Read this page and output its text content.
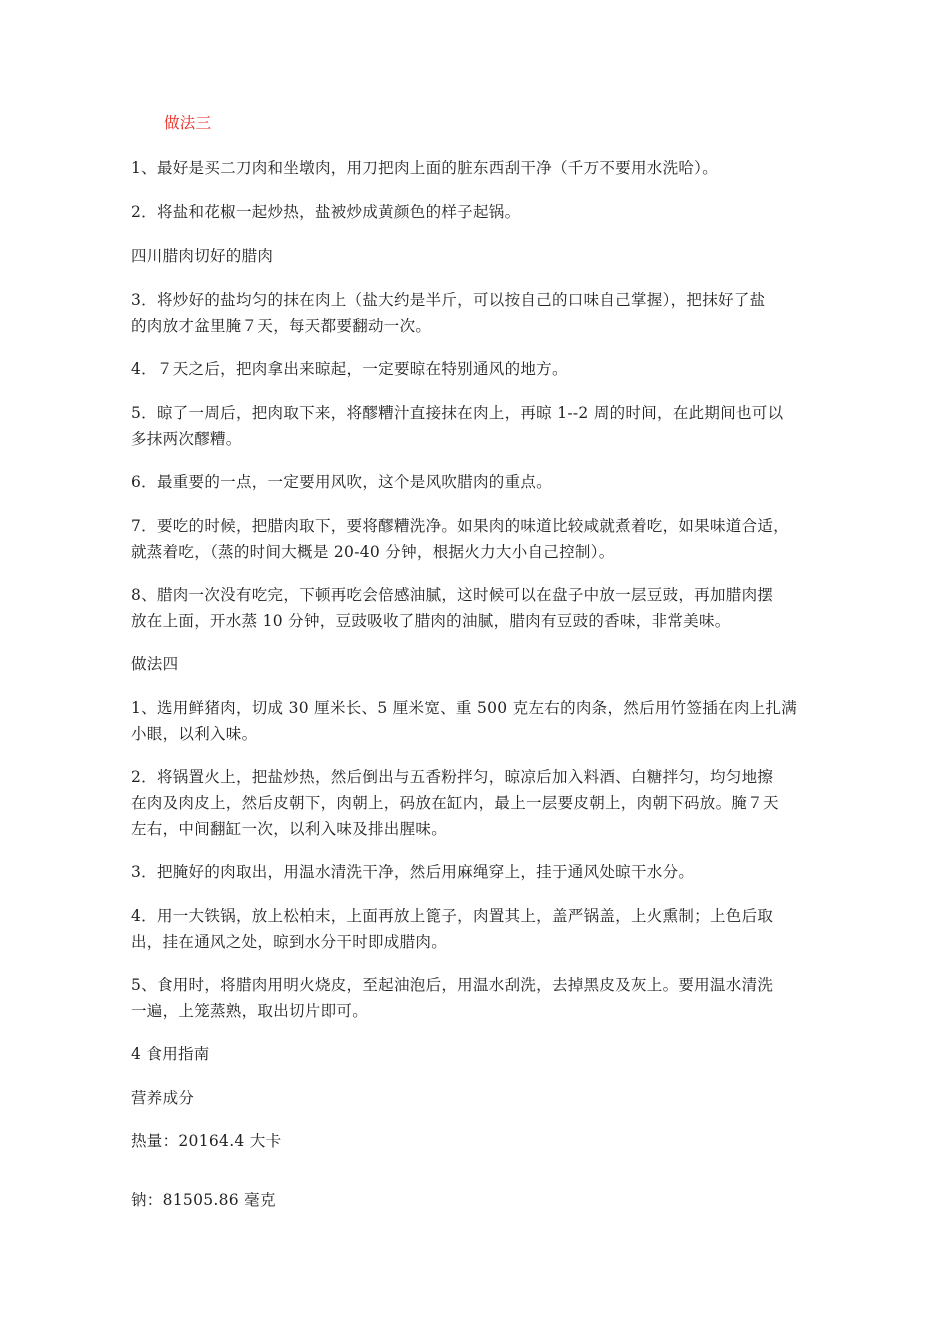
做法三
1、最好是买二刀肉和坐墩肉，用刀把肉上面的脏东西刮干净（千万不要用水洗哈）。
2．将盐和花椒一起炒热，盐被炒成黄颜色的样子起锅。
四川腊肉切好的腊肉
3．将炒好的盐均匀的抹在肉上（盐大约是半斤，可以按自己的口味自己掌握），把抹好了盐
的肉放才盆里腌７天，每天都要翻动一次。
4．７天之后，把肉拿出来晾起，一定要晾在特别通风的地方。
5．晾了一周后，把肉取下来，将醪糟汁直接抹在肉上，再晾 1--2 周的时间，在此期间也可以
多抹两次醪糟。
6．最重要的一点，一定要用风吹，这个是风吹腊肉的重点。
7．要吃的时候，把腊肉取下，要将醪糟洗净。如果肉的味道比较咸就煮着吃，如果味道合适，
就蒸着吃，（蒸的时间大概是 20-40 分钟，根据火力大小自己控制）。
8、腊肉一次没有吃完，下顿再吃会倍感油腻，这时候可以在盘子中放一层豆豉，再加腊肉摆
放在上面，开水蒸 10 分钟，豆豉吸收了腊肉的油腻，腊肉有豆豉的香味，非常美味。
做法四
1、选用鲜猪肉，切成 30 厘米长、5 厘米宽、重 500 克左右的肉条，然后用竹签插在肉上扎满
小眼，以利入味。
2．将锅置火上，把盐炒热，然后倒出与五香粉拌匀，晾凉后加入料酒、白糖拌匀，均匀地擦
在肉及肉皮上，然后皮朝下，肉朝上，码放在缸内，最上一层要皮朝上，肉朝下码放。腌７天
左右，中间翻缸一次，以利入味及排出腥味。
3．把腌好的肉取出，用温水清洗干净，然后用麻绳穿上，挂于通风处晾干水分。
4．用一大铁锅，放上松柏末，上面再放上篦子，肉置其上，盖严锅盖，上火熏制；上色后取
出，挂在通风之处，晾到水分干时即成腊肉。
5、食用时，将腊肉用明火烧皮，至起油泡后，用温水刮洗，去掉黑皮及灰上。要用温水清洗
一遍，上笼蒸熟，取出切片即可。
4 食用指南
营养成分
热量：20164.4 大卡
钠：81505.86 毫克
